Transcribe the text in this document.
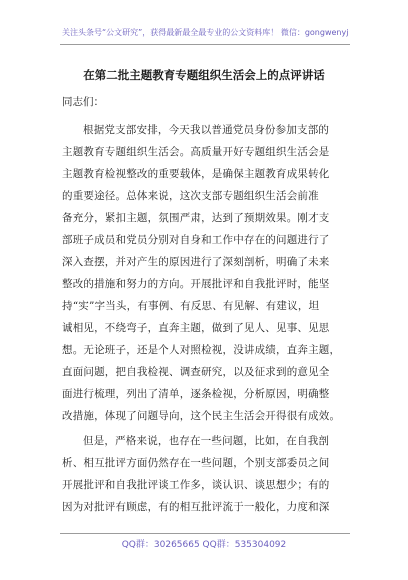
关注头条号“公文研究”，获得最新最全最专业的公文资料库！ 微信：gongwenyj
在第二批主题教育专题组织生活会上的点评讲话
同志们：
根据党支部安排，今天我以普通党员身份参加支部的
主题教育专题组织生活会。高质量开好专题组织生活会是
主题教育检视整改的重要载体，是确保主题教育成果转化
的重要途径。总体来说，这次支部专题组织生活会前准
备充分，紧扣主题，氛围严肃，达到了预期效果。刚才支
部班子成员和党员分别对自身和工作中存在的问题进行了
深入查摆，并对产生的原因进行了深刻剖析，明确了未来
整改的措施和努力的方向。开展批评和自我批评时，能坚
持“实”字当头，有事例、有反思、有见解、有建议，坦
诚相见，不绕弯子，直奔主题，做到了见人、见事、见思
想。无论班子，还是个人对照检视，没讲成绩，直奔主题，
直面问题，把自我检视、调查研究，以及征求到的意见全
面进行梳理，列出了清单，逐条检视，分析原因，明确整
改措施，体现了问题导向，这个民主生活会开得很有成效。
但是，严格来说，也存在一些问题，比如，在自我剖
析、相互批评方面仍然存在一些问题，个别支部委员之间
开展批评和自我批评谈工作多，谈认识、谈思想少；有的
因为对批评有顾虑，有的相互批评流于一般化，力度和深
QQ群：30265665 QQ群：535304092
